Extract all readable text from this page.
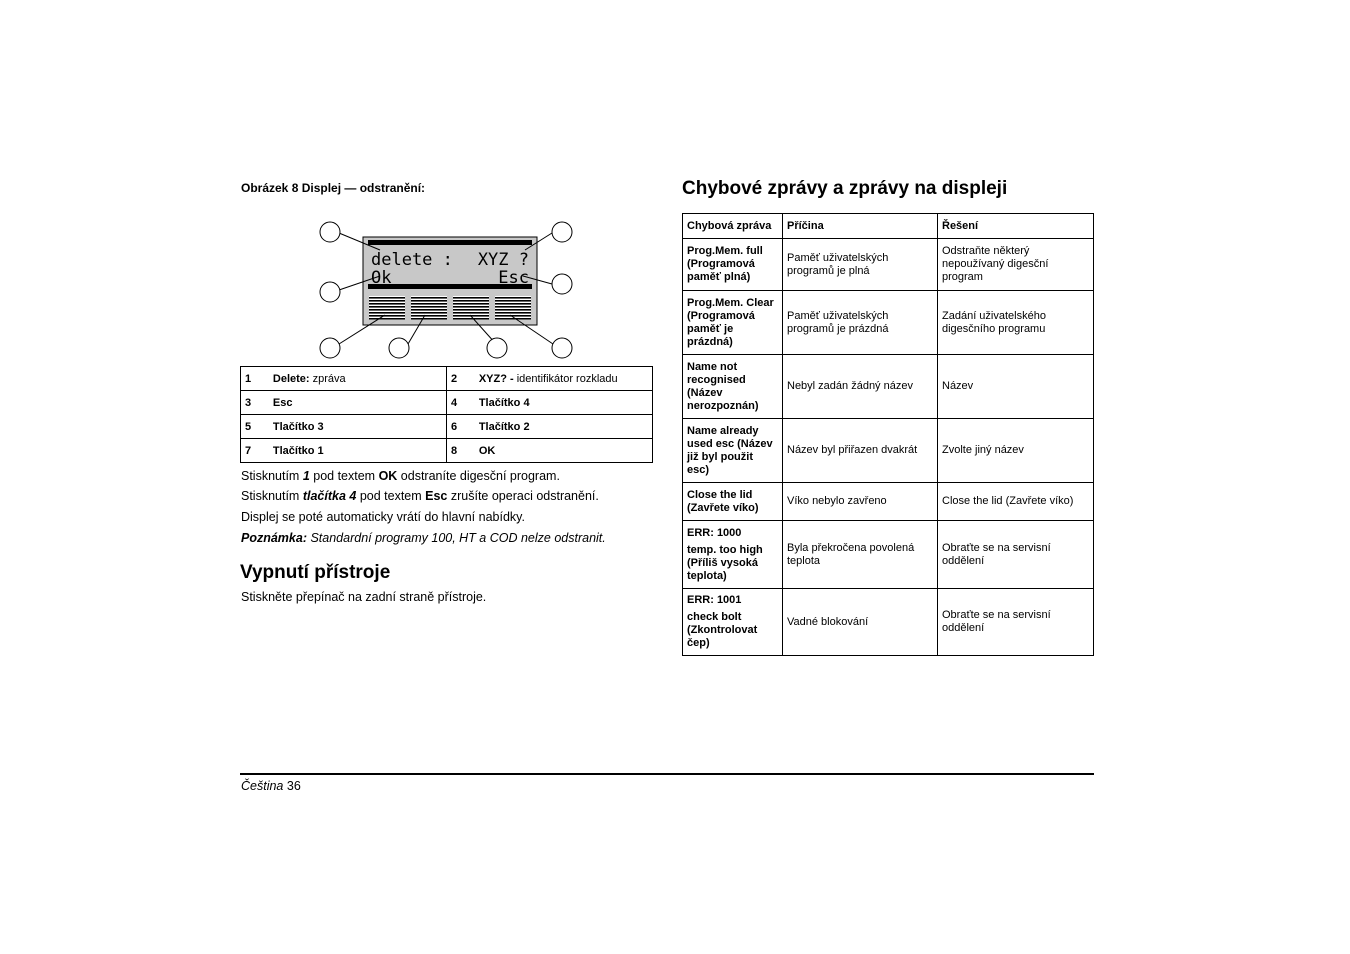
Obrázek 8 Displej — odstranění:
delete : XYZ ?
Ok	Esc
1	Delete: zpráva	2	XYZ? - identifikátor rozkladu
3	Esc	4	Tlačítko 4
5	Tlačítko 3	6	Tlačítko 2
7	Tlačítko 1	8	OK
Stisknutím 1 pod textem OK odstraníte digesční program.
Stisknutím tlačítka 4 pod textem Esc zrušíte operaci odstranění.
Displej se poté automaticky vrátí do hlavní nabídky.
Poznámka: Standardní programy 100, HT a COD nelze odstranit.
Vypnutí přístroje
Stiskněte přepínač na zadní straně přístroje.
Chybové zprávy a zprávy na displeji
Chybová zpráva	Příčina	Řešení
Prog.Mem. full (Programová paměť plná)	Paměť uživatelských programů je plná	Odstraňte některý nepoužívaný digesční program
Prog.Mem. Clear (Programová paměť je prázdná)	Paměť uživatelských programů je prázdná	Zadání uživatelského digesčního programu
Name not recognised (Název nerozpoznán)	Nebyl zadán žádný název	Název
Name already used esc (Název již byl použit esc)	Název byl přiřazen dvakrát	Zvolte jiný název
Close the lid (Zavřete víko)	Víko nebylo zavřeno	Close the lid (Zavřete víko)

ERR: 1000
temp. too high (Příliš vysoká teplota)	Byla překročena povolená teplota	Obraťte se na servisní oddělení

ERR: 1001
check bolt (Zkontrolovat čep)	Vadné blokování	Obraťte se na servisní oddělení
Čeština 36
